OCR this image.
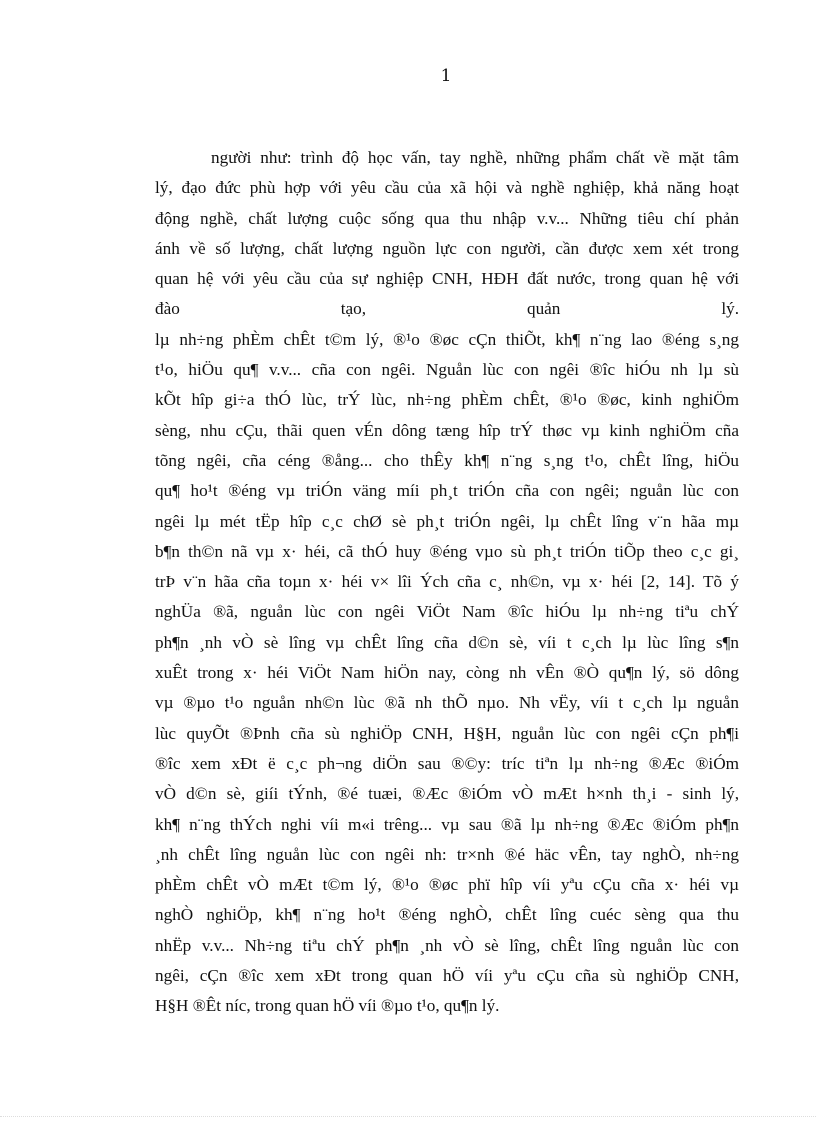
1
người như: trình độ học vấn, tay nghề, những phẩm chất về mặt tâm
lý, đạo đức phù hợp với yêu cầu của xã hội và nghề nghiệp, khả năng hoạt
động nghề, chất lượng cuộc sống qua thu nhập v.v... Những tiêu chí phản
ánh về số lượng, chất lượng nguồn lực con người, cần được xem xét trong
quan hệ với yêu cầu của sự nghiệp CNH, HĐH đất nước, trong quan hệ với
đào tạo, quản lý.
lµ nh÷ng phÈm chÊt t©m lý, ®¹o ®øc cÇn thiÕt, kh¶ n¨ng lao ®éng s¸ng
t¹o, hiÖu qu¶ v.v... cña con ngêi. Nguån lùc con ngêi ®îc hiÓu nh lµ sù
kÕt hîp gi÷a thÓ lùc, trÝ lùc, nh÷ng phÈm chÊt, ®¹o ®øc, kinh nghiÖm
sèng, nhu cÇu, thãi quen vÉn dông tæng hîp trÝ thøc vµ kinh nghiÖm cña
tõng ngêi, cña céng ®ång... cho thÊy kh¶ n¨ng s¸ng t¹o, chÊt lîng, hiÖu
qu¶ ho¹t ®éng vµ triÓn väng míi ph¸t triÓn cña con ngêi; nguån lùc con
ngêi lµ mét tËp hîp c¸c chØ sè ph¸t triÓn ngêi, lµ chÊt lîng v¨n hãa mµ
b¶n th©n nã vµ x· héi, cã thÓ huy ®éng vµo sù ph¸t triÓn tiÕp theo c¸c gi¸
trÞ v¨n hãa cña toµn x· héi v× lîi Ých cña c¸ nh©n, vµ x· héi [2, 14]. Tõ ý
nghÜa ®ã, nguån lùc con ngêi ViÖt Nam ®îc hiÓu lµ nh÷ng tiªu chÝ
ph¶n ¸nh vÒ sè lîng vµ chÊt lîng cña d©n sè, víi t c¸ch lµ lùc lîng s¶n
xuÊt trong x· héi ViÖt Nam hiÖn nay, còng nh vÊn ®Ò qu¶n lý, sö dông
vµ ®µo t¹o nguån nh©n lùc ®ã nh thÕ nµo. Nh vËy, víi t c¸ch lµ nguån
lùc quyÕt ®Þnh cña sù nghiÖp CNH, H§H, nguån lùc con ngêi cÇn ph¶i
®îc xem xÐt ë c¸c ph¬ng diÖn sau ®©y: tríc tiªn lµ nh÷ng ®Æc ®iÓm
vÒ d©n sè, giíi tÝnh, ®é tuæi, ®Æc ®iÓm vÒ mÆt h×nh th¸i - sinh lý,
kh¶ n¨ng thÝch nghi víi m«i trêng... vµ sau ®ã lµ nh÷ng ®Æc ®iÓm ph¶n
¸nh chÊt lîng nguån lùc con ngêi nh: tr×nh ®é häc vÊn, tay nghÒ, nh÷ng
phÈm chÊt vÒ mÆt t©m lý, ®¹o ®øc phï hîp víi yªu cÇu cña x· héi vµ
nghÒ nghiÖp, kh¶ n¨ng ho¹t ®éng nghÒ, chÊt lîng cuéc sèng qua thu
nhËp v.v... Nh÷ng tiªu chÝ ph¶n ¸nh vÒ sè lîng, chÊt lîng nguån lùc con
ngêi, cÇn ®îc xem xÐt trong quan hÖ víi yªu cÇu cña sù nghiÖp CNH,
H§H ®Êt níc, trong quan hÖ víi ®µo t¹o, qu¶n lý.
